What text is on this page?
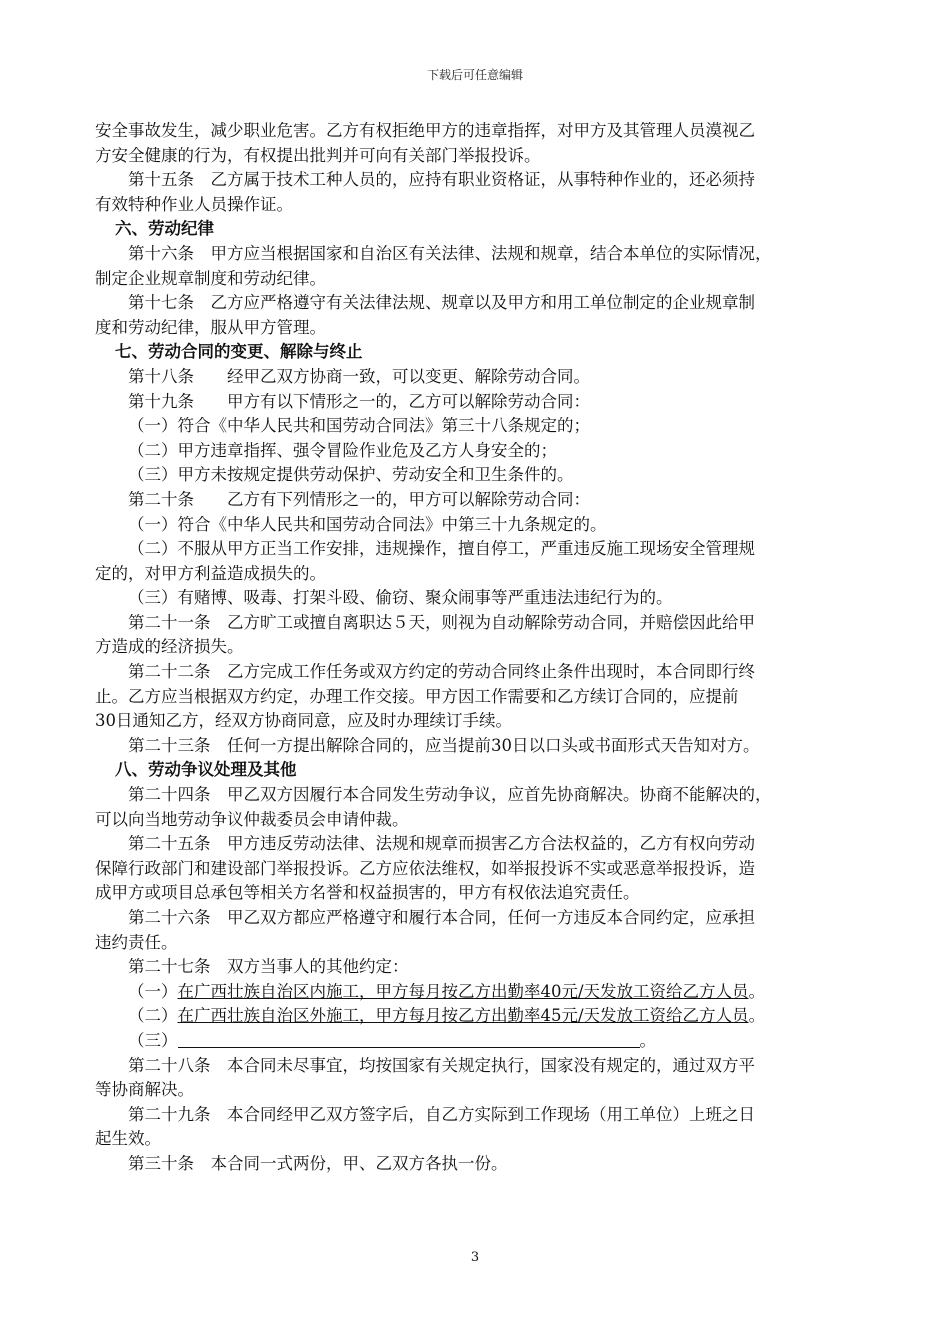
下载后可任意编辑

安全事故发生，减少职业危害。乙方有权拒绝甲方的违章指挥，对甲方及其管理人员漠视乙

方安全健康的行为，有权提出批判并可向有关部门举报投诉。

第十五条　乙方属于技术工种人员的，应持有职业资格证，从事特种作业的，还必须持

有效特种作业人员操作证。

六、劳动纪律

第十六条　甲方应当根据国家和自治区有关法律、法规和规章，结合本单位的实际情况，

制定企业规章制度和劳动纪律。

第十七条　乙方应严格遵守有关法律法规、规章以及甲方和用工单位制定的企业规章制

度和劳动纪律，服从甲方管理。

七、劳动合同的变更、解除与终止

第十八条　　经甲乙双方协商一致，可以变更、解除劳动合同。

第十九条　　甲方有以下情形之一的，乙方可以解除劳动合同：

（一）符合《中华人民共和国劳动合同法》第三十八条规定的；

（二）甲方违章指挥、强令冒险作业危及乙方人身安全的；

（三）甲方未按规定提供劳动保护、劳动安全和卫生条件的。

第二十条　　乙方有下列情形之一的，甲方可以解除劳动合同：

（一）符合《中华人民共和国劳动合同法》中第三十九条规定的。

（二）不服从甲方正当工作安排，违规操作，擅自停工，严重违反施工现场安全管理规

定的，对甲方利益造成损失的。

（三）有赌博、吸毒、打架斗殴、偷窃、聚众闹事等严重违法违纪行为的。

第二十一条　乙方旷工或擅自离职达５天，则视为自动解除劳动合同，并赔偿因此给甲

方造成的经济损失。

第二十二条　乙方完成工作任务或双方约定的劳动合同终止条件出现时，本合同即行终

止。乙方应当根据双方约定，办理工作交接。甲方因工作需要和乙方续订合同的，应提前

30日通知乙方，经双方协商同意，应及时办理续订手续。

第二十三条　任何一方提出解除合同的，应当提前30日以口头或书面形式天告知对方。

八、劳动争议处理及其他

第二十四条　甲乙双方因履行本合同发生劳动争议，应首先协商解决。协商不能解决的，

可以向当地劳动争议仲裁委员会申请仲裁。

第二十五条　甲方违反劳动法律、法规和规章而损害乙方合法权益的，乙方有权向劳动

保障行政部门和建设部门举报投诉。乙方应依法维权，如举报投诉不实或恶意举报投诉，造

成甲方或项目总承包等相关方名誉和权益损害的，甲方有权依法追究责任。

第二十六条　甲乙双方都应严格遵守和履行本合同，任何一方违反本合同约定，应承担

违约责任。

第二十七条　双方当事人的其他约定：

（一）在广西壮族自治区内施工，甲方每月按乙方出勤率40元/天发放工资给乙方人员。

（二）在广西壮族自治区外施工，甲方每月按乙方出勤率45元/天发放工资给乙方人员。

（三）	。

第二十八条　本合同未尽事宜，均按国家有关规定执行，国家没有规定的，通过双方平

等协商解决。

第二十九条　本合同经甲乙双方签字后，自乙方实际到工作现场（用工单位）上班之日

起生效。

第三十条　本合同一式两份，甲、乙双方各执一份。

3
